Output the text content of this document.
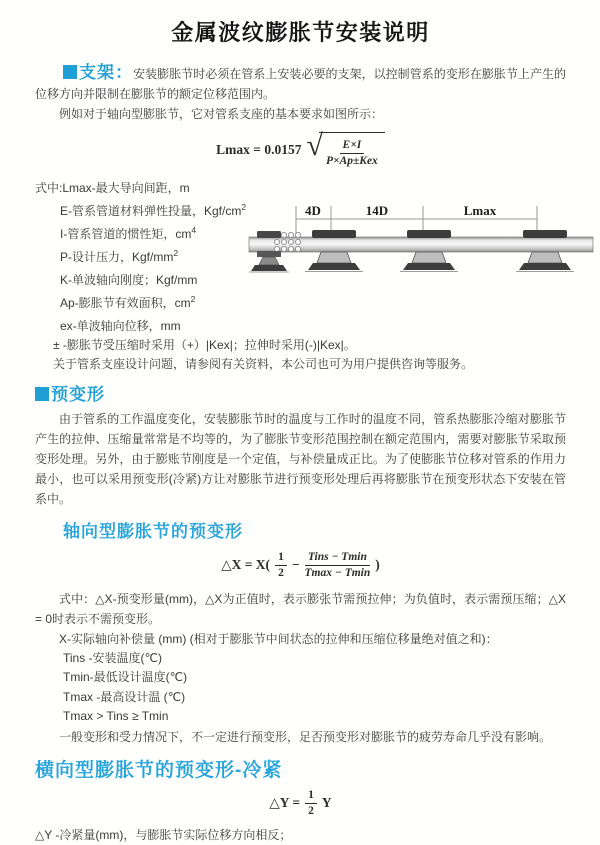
金属波纹膨胀节安装说明

支架：安装膨胀节时必须在管系上安装必要的支架，以控制管系的变形在膨胀节上产生的位移方向并限制在膨胀节的额定位移范围内。

例如对于轴向型膨胀节，它对管系支座的基本要求如图所示：

Lmax = 0.0157 √ $\frac{E\times I}{\text{P×Ap±Kex}}$
式中:Lmax-最大导向间距，m
E-管系管道材料弹性投量，Kgf/$cm^2$
I-管系管道的惯性矩，$cm^4$
P-设计压力，Kgf/$mm^2$
K-单波轴向刚度；Kgf/mm
Ap-膨胀节有效面积，$cm^2$
ex-单波轴向位移，mm
± -膨胀节受压缩时采用（+）|Kex|；拉伸时采用(-)|Kex|。
关于管系支座设计问题，请参阅有关资料，本公司也可为用户提供咨询等服务。
4D	14D	Lmax
预变形

由于管系的工作温度变化，安装膨胀节时的温度与工作时的温度不同，管系热膨胀冷缩对膨胀节产生的拉伸、压缩量常常是不均等的，为了膨胀节变形范围控制在额定范围内，需要对膨胀节采取预变形处理。另外，由于膨账节刚度是一个定值，与补偿量成正比。为了使膨胀节位移对管系的作用力最小，也可以采用预变形(冷紧)方让对膨胀节进行预变形处理后再将膨胀节在预变形状态下安装在管系中。

轴向型膨胀节的预变形
△X = $X( \frac{1}{2} - \frac{\text{Tins − Tmin}}{Tmax - Tmin}$ )

式中：△X-预变形量(mm)，△X为正值时，表示膨张节需预拉伸；为负值时，表示需预压缩；△X = 0时表示不需预变形。

X-实际轴向补偿量 (mm) (相对于膨胀节中间状态的拉伸和压缩位移量绝对值之和)：

Tins -安装温度(℃)
Tmin-最低设计温度(℃)
Tmax -最高设计温 (℃)
Tmax > Tins ≥ Tmin

一般变形和受力情况下，不一定进行预变形，足否预变形对膨胀节的疲劳寿命几乎没有影响。

横向型膨胀节的预变形-冷紧
△Y = $\frac{1}{2}$ Y

△Y -冷紧量(mm)，与膨胀节实际位移方向相反；
